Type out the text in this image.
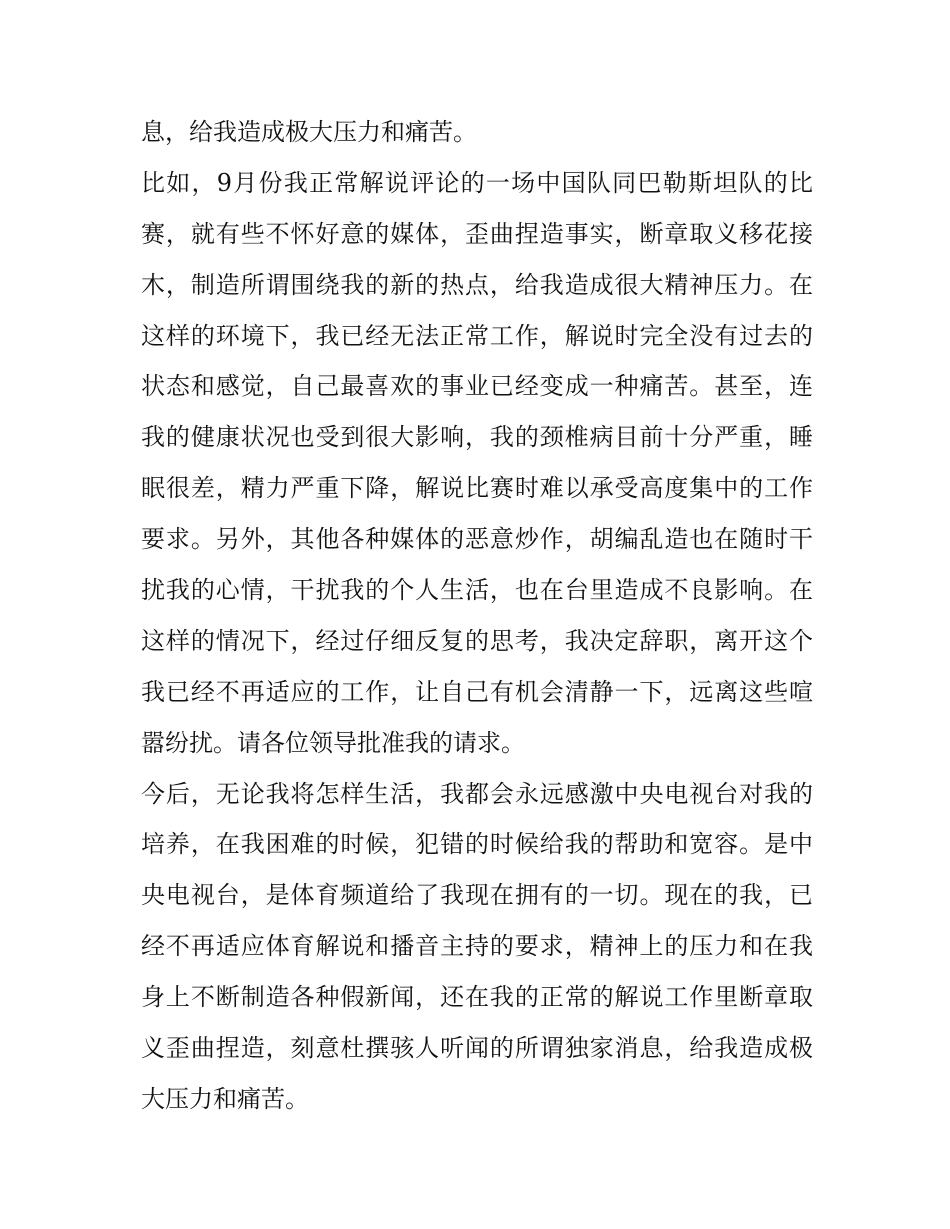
息，给我造成极大压力和痛苦。
比如，9月份我正常解说评论的一场中国队同巴勒斯坦队的比
赛，就有些不怀好意的媒体，歪曲捏造事实，断章取义移花接
木，制造所谓围绕我的新的热点，给我造成很大精神压力。在
这样的环境下，我已经无法正常工作，解说时完全没有过去的
状态和感觉，自己最喜欢的事业已经变成一种痛苦。甚至，连
我的健康状况也受到很大影响，我的颈椎病目前十分严重，睡
眠很差，精力严重下降，解说比赛时难以承受高度集中的工作
要求。另外，其他各种媒体的恶意炒作，胡编乱造也在随时干
扰我的心情，干扰我的个人生活，也在台里造成不良影响。在
这样的情况下，经过仔细反复的思考，我决定辞职，离开这个
我已经不再适应的工作，让自己有机会清静一下，远离这些喧
嚣纷扰。请各位领导批准我的请求。
今后，无论我将怎样生活，我都会永远感激中央电视台对我的
培养，在我困难的时候，犯错的时候给我的帮助和宽容。是中
央电视台，是体育频道给了我现在拥有的一切。现在的我，已
经不再适应体育解说和播音主持的要求，精神上的压力和在我
身上不断制造各种假新闻，还在我的正常的解说工作里断章取
义歪曲捏造，刻意杜撰骇人听闻的所谓独家消息，给我造成极
大压力和痛苦。
